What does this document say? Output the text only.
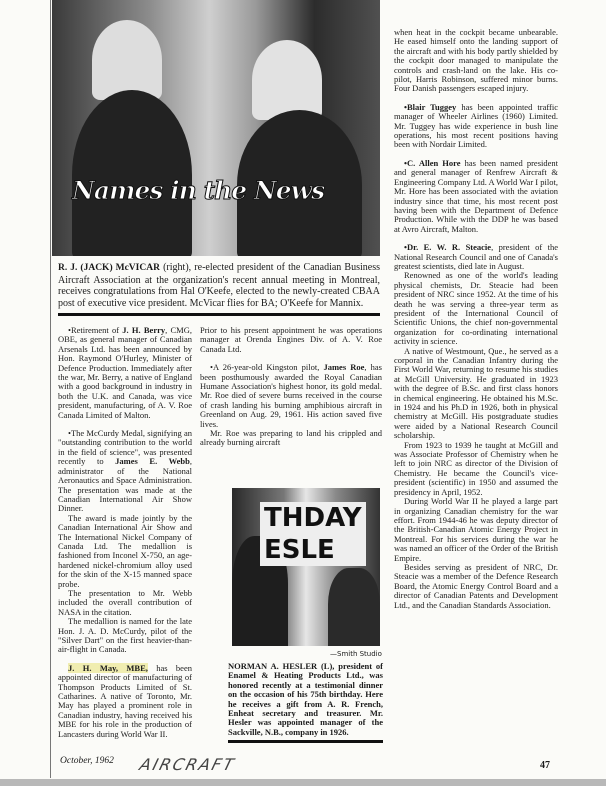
Names in the News
R. J. (JACK) McVICAR (right), re-elected president of the Canadian Business Aircraft Association at the organization's recent annual meeting in Montreal, receives congratulations from Hal O'Keefe, elected to the newly-created CBAA post of executive vice president. McVicar flies for BA; O'Keefe for Mannix.

•Retirement of J. H. Berry, CMG, OBE, as general manager of Canadian Arsenals Ltd. has been announced by Hon. Raymond O'Hurley, Minister of Defence Production. Immediately after the war, Mr. Berry, a native of England with a good background in industry in both the U.K. and Canada, was vice president, manufacturing, of A. V. Roe Canada Limited of Malton.

•The McCurdy Medal, signifying an "outstanding contribution to the world in the field of science", was presented recently to James E. Webb, administrator of the National Aeronautics and Space Administration. The presentation was made at the Canadian International Air Show Dinner.

The award is made jointly by the Canadian International Air Show and The International Nickel Company of Canada Ltd. The medallion is fashioned from Inconel X-750, an age-hardened nickel-chromium alloy used for the skin of the X-15 manned space probe.

The presentation to Mr. Webb included the overall contribution of NASA in the citation.

The medallion is named for the late Hon. J. A. D. McCurdy, pilot of the "Silver Dart" on the first heavier-than-air-flight in Canada.

J. H. May, MBE, has been appointed director of manufacturing of Thompson Products Limited of St. Catharines. A native of Toronto, Mr. May has played a prominent role in Canadian industry, having received his MBE for his role in the production of Lancasters during World War II.

Prior to his present appointment he was operations manager at Orenda Engines Div. of A. V. Roe Canada Ltd.

•A 26-year-old Kingston pilot, James Roe, has been posthumously awarded the Royal Canadian Humane Association's highest honor, its gold medal. Mr. Roe died of severe burns received in the course of crash landing his burning amphibious aircraft in Greenland on Aug. 29, 1961. His action saved five lives.

Mr. Roe was preparing to land his crippled and already burning aircraft

THDAY
ESLE
—Smith Studio
NORMAN A. HESLER (L), president of Enamel & Heating Products Ltd., was honored recently at a testimonial dinner on the occasion of his 75th birthday. Here he receives a gift from A. R. French, Enheat secretary and treasurer. Mr. Hesler was appointed manager of the Sackville, N.B., company in 1926.

when heat in the cockpit became unbearable. He eased himself onto the landing support of the aircraft and with his body partly shielded by the cockpit door managed to manipulate the controls and crash-land on the lake. His co-pilot, Harris Robinson, suffered minor burns. Four Danish passengers escaped injury.

•Blair Tuggey has been appointed traffic manager of Wheeler Airlines (1960) Limited. Mr. Tuggey has wide experience in bush line operations, his most recent positions having been with Nordair Limited.

•C. Allen Hore has been named president and general manager of Renfrew Aircraft & Engineering Company Ltd. A World War I pilot, Mr. Hore has been associated with the aviation industry since that time, his most recent post having been with the Department of Defence Production. While with the DDP he was based at Avro Aircraft, Malton.

•Dr. E. W. R. Steacie, president of the National Research Council and one of Canada's greatest scientists, died late in August.

Renowned as one of the world's leading physical chemists, Dr. Steacie had been president of NRC since 1952. At the time of his death he was serving a three-year term as president of the International Council of Scientific Unions, the chief non-governmental organization for co-ordinating international activity in science.

A native of Westmount, Que., he served as a corporal in the Canadian Infantry during the First World War, returning to resume his studies at McGill University. He graduated in 1923 with the degree of B.Sc. and first class honors in chemical engineering. He obtained his M.Sc. in 1924 and his Ph.D in 1926, both in physical chemistry at McGill. His postgraduate studies were aided by a National Research Council scholarship.

From 1923 to 1939 he taught at McGill and was Associate Professor of Chemistry when he left to join NRC as director of the Division of Chemistry. He became the Council's vice-president (scientific) in 1950 and assumed the presidency in April, 1952.

During World War II he played a large part in organizing Canadian chemistry for the war effort. From 1944-46 he was deputy director of the British-Canadian Atomic Energy Project in Montreal. For his services during the war he was named an officer of the Order of the British Empire.

Besides serving as president of NRC, Dr. Steacie was a member of the Defence Research Board, the Atomic Energy Control Board and a director of Canadian Patents and Development Ltd., and the Canadian Standards Association.

October, 1962 AIRCRAFT	47
